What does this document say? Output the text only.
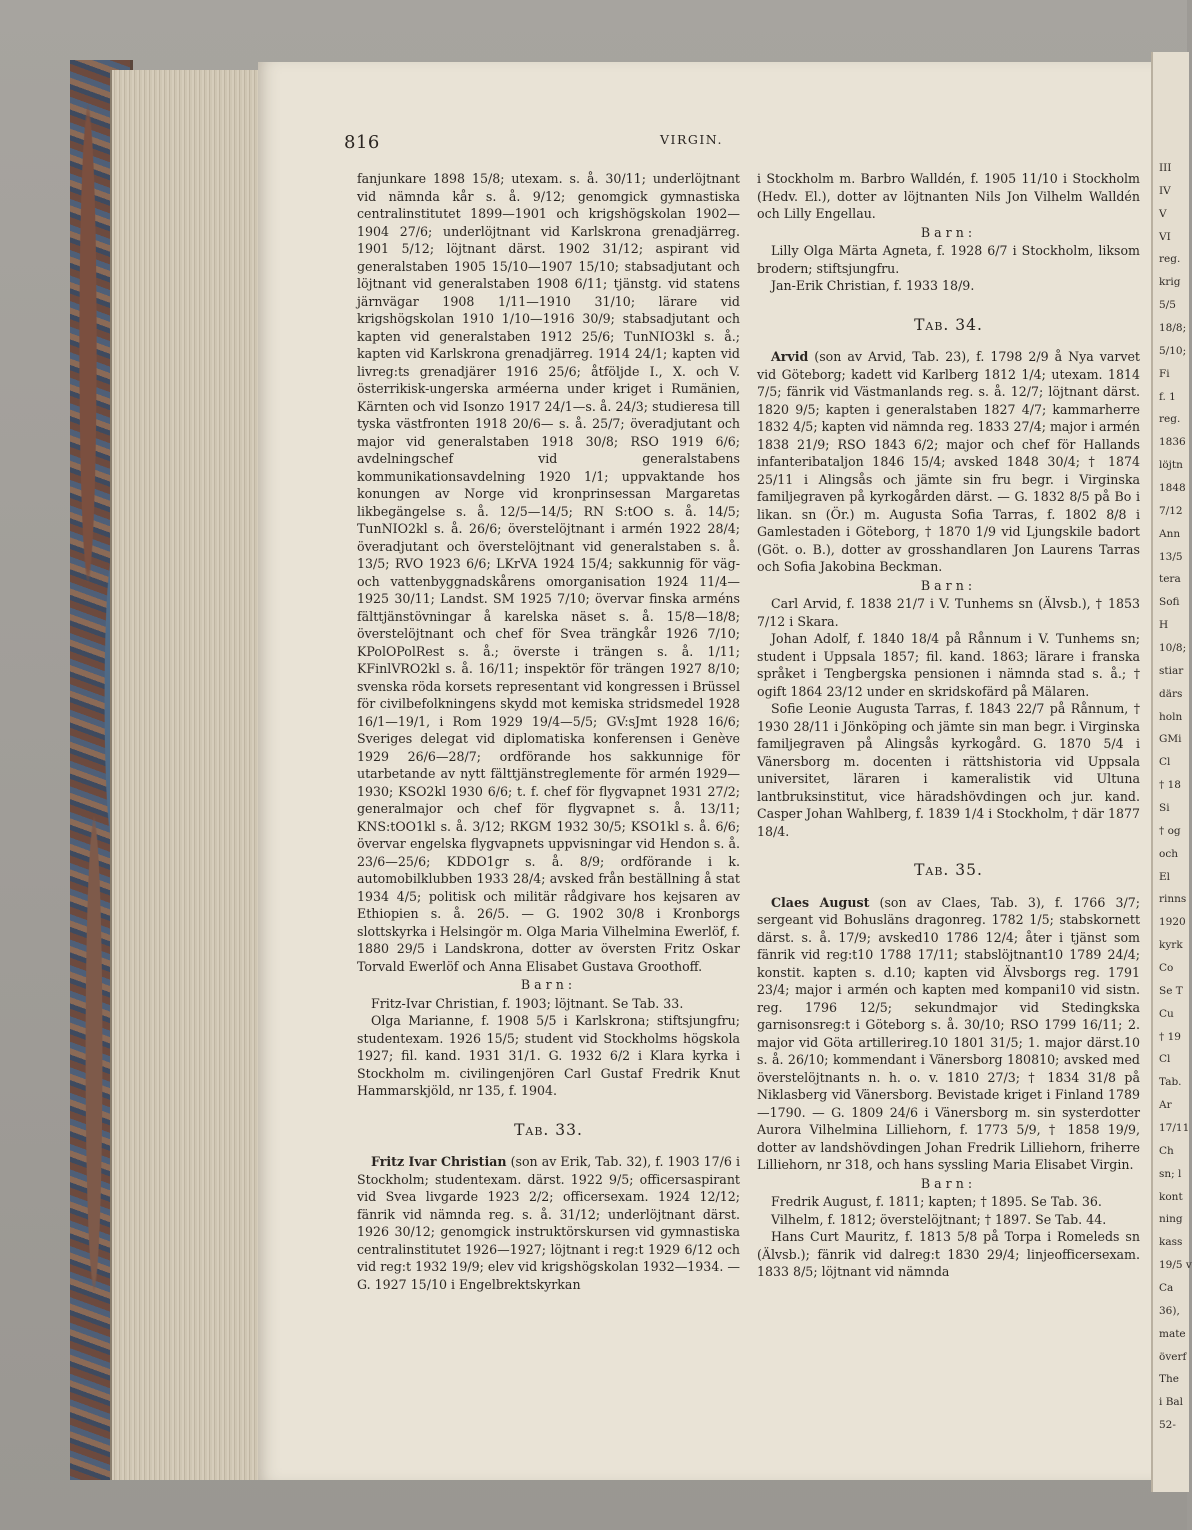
III
IV
V
VI
reg.
krig
5/5
18/8;
5/10;
Fi
f. 1
reg.
1836
löjtn
1848
7/12
Ann
13/5
tera
Sofi
H
10/8;
stiar
därs
holn
GMi
Cl
† 18
Si
† og
och
El
rinns
1920
kyrk
Co
Se T
Cu
† 19
Cl
Tab.
Ar
17/11
Ch
sn; l
kont
ning
kass
19/5 v
Ca
36),
mate
överf
The
i Bal
52-
816	VIRGIN.

fanjunkare 1898 15/8; utexam. s. å. 30/11; underlöjtnant vid nämnda kår s. å. 9/12; genomgick gymnastiska centralinstitutet 1899—1901 och krigshögskolan 1902—1904 27/6; underlöjtnant vid Karlskrona grenadjärreg. 1901 5/12; löjtnant därst. 1902 31/12; aspirant vid generalstaben 1905 15/10—1907 15/10; stabsadjutant och löjtnant vid generalstaben 1908 6/11; tjänstg. vid statens järnvägar 1908 1/11—1910 31/10; lärare vid krigshögskolan 1910 1/10—1916 30/9; stabsadjutant och kapten vid generalstaben 1912 25/6; TunNIO3kl s. å.; kapten vid Karlskrona grenadjärreg. 1914 24/1; kapten vid livreg:ts grenadjärer 1916 25/6; åtföljde I., X. och V. österrikisk-ungerska arméerna under kriget i Rumänien, Kärnten och vid Isonzo 1917 24/1—s. å. 24/3; studieresa till tyska västfronten 1918 20/6— s. å. 25/7; överadjutant och major vid generalstaben 1918 30/8; RSO 1919 6/6; avdelningschef vid generalstabens kommunikationsavdelning 1920 1/1; uppvaktande hos konungen av Norge vid kronprinsessan Margaretas likbegängelse s. å. 12/5—14/5; RN S:tOO s. å. 14/5; TunNIO2kl s. å. 26/6; överstelöjtnant i armén 1922 28/4; överadjutant och överstelöjtnant vid generalstaben s. å. 13/5; RVO 1923 6/6; LKrVA 1924 15/4; sakkunnig för väg- och vattenbyggnadskårens omorganisation 1924 11/4—1925 30/11; Landst. SM 1925 7/10; övervar finska arméns fälttjänstövningar å karelska näset s. å. 15/8—18/8; överstelöjtnant och chef för Svea trängkår 1926 7/10; KPolOPolRest s. å.; överste i trängen s. å. 1/11; KFinlVRO2kl s. å. 16/11; inspektör för trängen 1927 8/10; svenska röda korsets representant vid kongressen i Brüssel för civilbefolkningens skydd mot kemiska stridsmedel 1928 16/1—19/1, i Rom 1929 19/4—5/5; GV:sJmt 1928 16/6; Sveriges delegat vid diplomatiska konferensen i Genève 1929 26/6—28/7; ordförande hos sakkunnige för utarbetande av nytt fälttjänstreglemente för armén 1929—1930; KSO2kl 1930 6/6; t. f. chef för flygvapnet 1931 27/2; generalmajor och chef för flygvapnet s. å. 13/11; KNS:tOO1kl s. å. 3/12; RKGM 1932 30/5; KSO1kl s. å. 6/6; övervar engelska flygvapnets uppvisningar vid Hendon s. å. 23/6—25/6; KDDO1gr s. å. 8/9; ordförande i k. automobilklubben 1933 28/4; avsked från beställning å stat 1934 4/5; politisk och militär rådgivare hos kejsaren av Ethiopien s. å. 26/5. — G. 1902 30/8 i Kronborgs slottskyrka i Helsingör m. Olga Maria Vilhelmina Ewerlöf, f. 1880 29/5 i Landskrona, dotter av översten Fritz Oskar Torvald Ewerlöf och Anna Elisabet Gustava Groothoff.

Barn:

Fritz-Ivar Christian, f. 1903; löjtnant. Se Tab. 33.

Olga Marianne, f. 1908 5/5 i Karlskrona; stiftsjungfru; studentexam. 1926 15/5; student vid Stockholms högskola 1927; fil. kand. 1931 31/1. G. 1932 6/2 i Klara kyrka i Stockholm m. civilingenjören Carl Gustaf Fredrik Knut Hammarskjöld, nr 135, f. 1904.

Tab. 33.

Fritz Ivar Christian (son av Erik, Tab. 32), f. 1903 17/6 i Stockholm; studentexam. därst. 1922 9/5; officersaspirant vid Svea livgarde 1923 2/2; officersexam. 1924 12/12; fänrik vid nämnda reg. s. å. 31/12; underlöjtnant därst. 1926 30/12; genomgick instruktörskursen vid gymnastiska centralinstitutet 1926—1927; löjtnant i reg:t 1929 6/12 och vid reg:t 1932 19/9; elev vid krigshögskolan 1932—1934. — G. 1927 15/10 i Engelbrektskyrkan

i Stockholm m. Barbro Walldén, f. 1905 11/10 i Stockholm (Hedv. El.), dotter av löjtnanten Nils Jon Vilhelm Walldén och Lilly Engellau.

Barn:

Lilly Olga Märta Agneta, f. 1928 6/7 i Stockholm, liksom brodern; stiftsjungfru.

Jan-Erik Christian, f. 1933 18/9.

Tab. 34.

Arvid (son av Arvid, Tab. 23), f. 1798 2/9 å Nya varvet vid Göteborg; kadett vid Karlberg 1812 1/4; utexam. 1814 7/5; fänrik vid Västmanlands reg. s. å. 12/7; löjtnant därst. 1820 9/5; kapten i generalstaben 1827 4/7; kammarherre 1832 4/5; kapten vid nämnda reg. 1833 27/4; major i armén 1838 21/9; RSO 1843 6/2; major och chef för Hallands infanteribataljon 1846 15/4; avsked 1848 30/4; † 1874 25/11 i Alingsås och jämte sin fru begr. i Virginska familjegraven på kyrkogården därst. — G. 1832 8/5 på Bo i likan. sn (Ör.) m. Augusta Sofia Tarras, f. 1802 8/8 i Gamlestaden i Göteborg, † 1870 1/9 vid Ljungskile badort (Göt. o. B.), dotter av grosshandlaren Jon Laurens Tarras och Sofia Jakobina Beckman.

Barn:

Carl Arvid, f. 1838 21/7 i V. Tunhems sn (Älvsb.), † 1853 7/12 i Skara.

Johan Adolf, f. 1840 18/4 på Rånnum i V. Tunhems sn; student i Uppsala 1857; fil. kand. 1863; lärare i franska språket i Tengbergska pensionen i nämnda stad s. å.; † ogift 1864 23/12 under en skridskofärd på Mälaren.

Sofie Leonie Augusta Tarras, f. 1843 22/7 på Rånnum, † 1930 28/11 i Jönköping och jämte sin man begr. i Virginska familjegraven på Alingsås kyrkogård. G. 1870 5/4 i Vänersborg m. docenten i rättshistoria vid Uppsala universitet, läraren i kameralistik vid Ultuna lantbruksinstitut, vice häradshövdingen och jur. kand. Casper Johan Wahlberg, f. 1839 1/4 i Stockholm, † där 1877 18/4.

Tab. 35.

Claes August (son av Claes, Tab. 3), f. 1766 3/7; sergeant vid Bohusläns dragonreg. 1782 1/5; stabskornett därst. s. å. 17/9; avsked10 1786 12/4; åter i tjänst som fänrik vid reg:t10 1788 17/11; stabslöjtnant10 1789 24/4; konstit. kapten s. d.10; kapten vid Älvsborgs reg. 1791 23/4; major i armén och kapten med kompani10 vid sistn. reg. 1796 12/5; sekundmajor vid Stedingkska garnisonsreg:t i Göteborg s. å. 30/10; RSO 1799 16/11; 2. major vid Göta artillerireg.10 1801 31/5; 1. major därst.10 s. å. 26/10; kommendant i Vänersborg 180810; avsked med överstelöjtnants n. h. o. v. 1810 27/3; † 1834 31/8 på Niklasberg vid Vänersborg. Bevistade kriget i Finland 1789—1790. — G. 1809 24/6 i Vänersborg m. sin systerdotter Aurora Vilhelmina Lilliehorn, f. 1773 5/9, † 1858 19/9, dotter av landshövdingen Johan Fredrik Lilliehorn, friherre Lilliehorn, nr 318, och hans syssling Maria Elisabet Virgin.

Barn:

Fredrik August, f. 1811; kapten; † 1895. Se Tab. 36.

Vilhelm, f. 1812; överstelöjtnant; † 1897. Se Tab. 44.

Hans Curt Mauritz, f. 1813 5/8 på Torpa i Romeleds sn (Älvsb.); fänrik vid dalreg:t 1830 29/4; linjeofficersexam. 1833 8/5; löjtnant vid nämnda
